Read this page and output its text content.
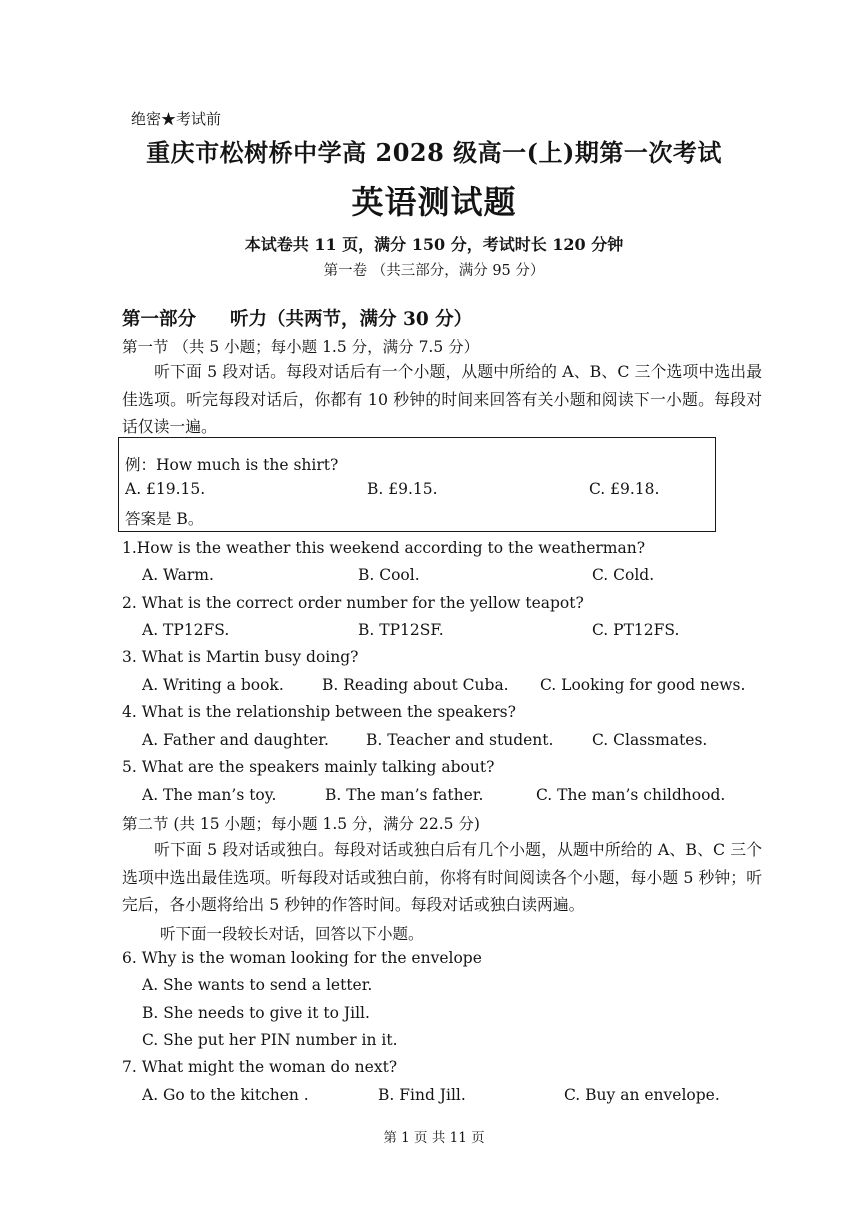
绝密★考试前
重庆市松树桥中学高 2028 级高一(上)期第一次考试
英语测试题
本试卷共 11 页，满分 150 分，考试时长 120 分钟
第一卷 （共三部分，满分 95 分）
第一部分 听力（共两节，满分 30 分）
第一节 （共 5 小题；每小题 1.5 分，满分 7.5 分）
听下面 5 段对话。每段对话后有一个小题，从题中所给的 A、B、C 三个选项中选出最佳选项。听完每段对话后，你都有 10 秒钟的时间来回答有关小题和阅读下一小题。每段对话仅读一遍。
例：How much is the shirt?
A. £19.15.	B. £9.15.	C. £9.18.
答案是 B。
1.How is the weather this weekend according to the weatherman?
A. Warm.	B. Cool.	C. Cold.
2. What is the correct order number for the yellow teapot?
A. TP12FS.	B. TP12SF.	C. PT12FS.
3. What is Martin busy doing?
A. Writing a book. B. Reading about Cuba. C. Looking for good news.
4. What is the relationship between the speakers?
A. Father and daughter. B. Teacher and student. C. Classmates.
5. What are the speakers mainly talking about?
A. The man’s toy.	B. The man’s father.	C. The man’s childhood.
第二节 (共 15 小题；每小题 1.5 分，满分 22.5 分)
听下面 5 段对话或独白。每段对话或独白后有几个小题，从题中所给的 A、B、C 三个选项中选出最佳选项。听每段对话或独白前，你将有时间阅读各个小题，每小题 5 秒钟；听完后，各小题将给出 5 秒钟的作答时间。每段对话或独白读两遍。
听下面一段较长对话，回答以下小题。
6. Why is the woman looking for the envelope
A. She wants to send a letter.
B. She needs to give it to Jill.
C. She put her PIN number in it.
7. What might the woman do next?
A. Go to the kitchen .	B. Find Jill.	C. Buy an envelope.
第 1 页 共 11 页
